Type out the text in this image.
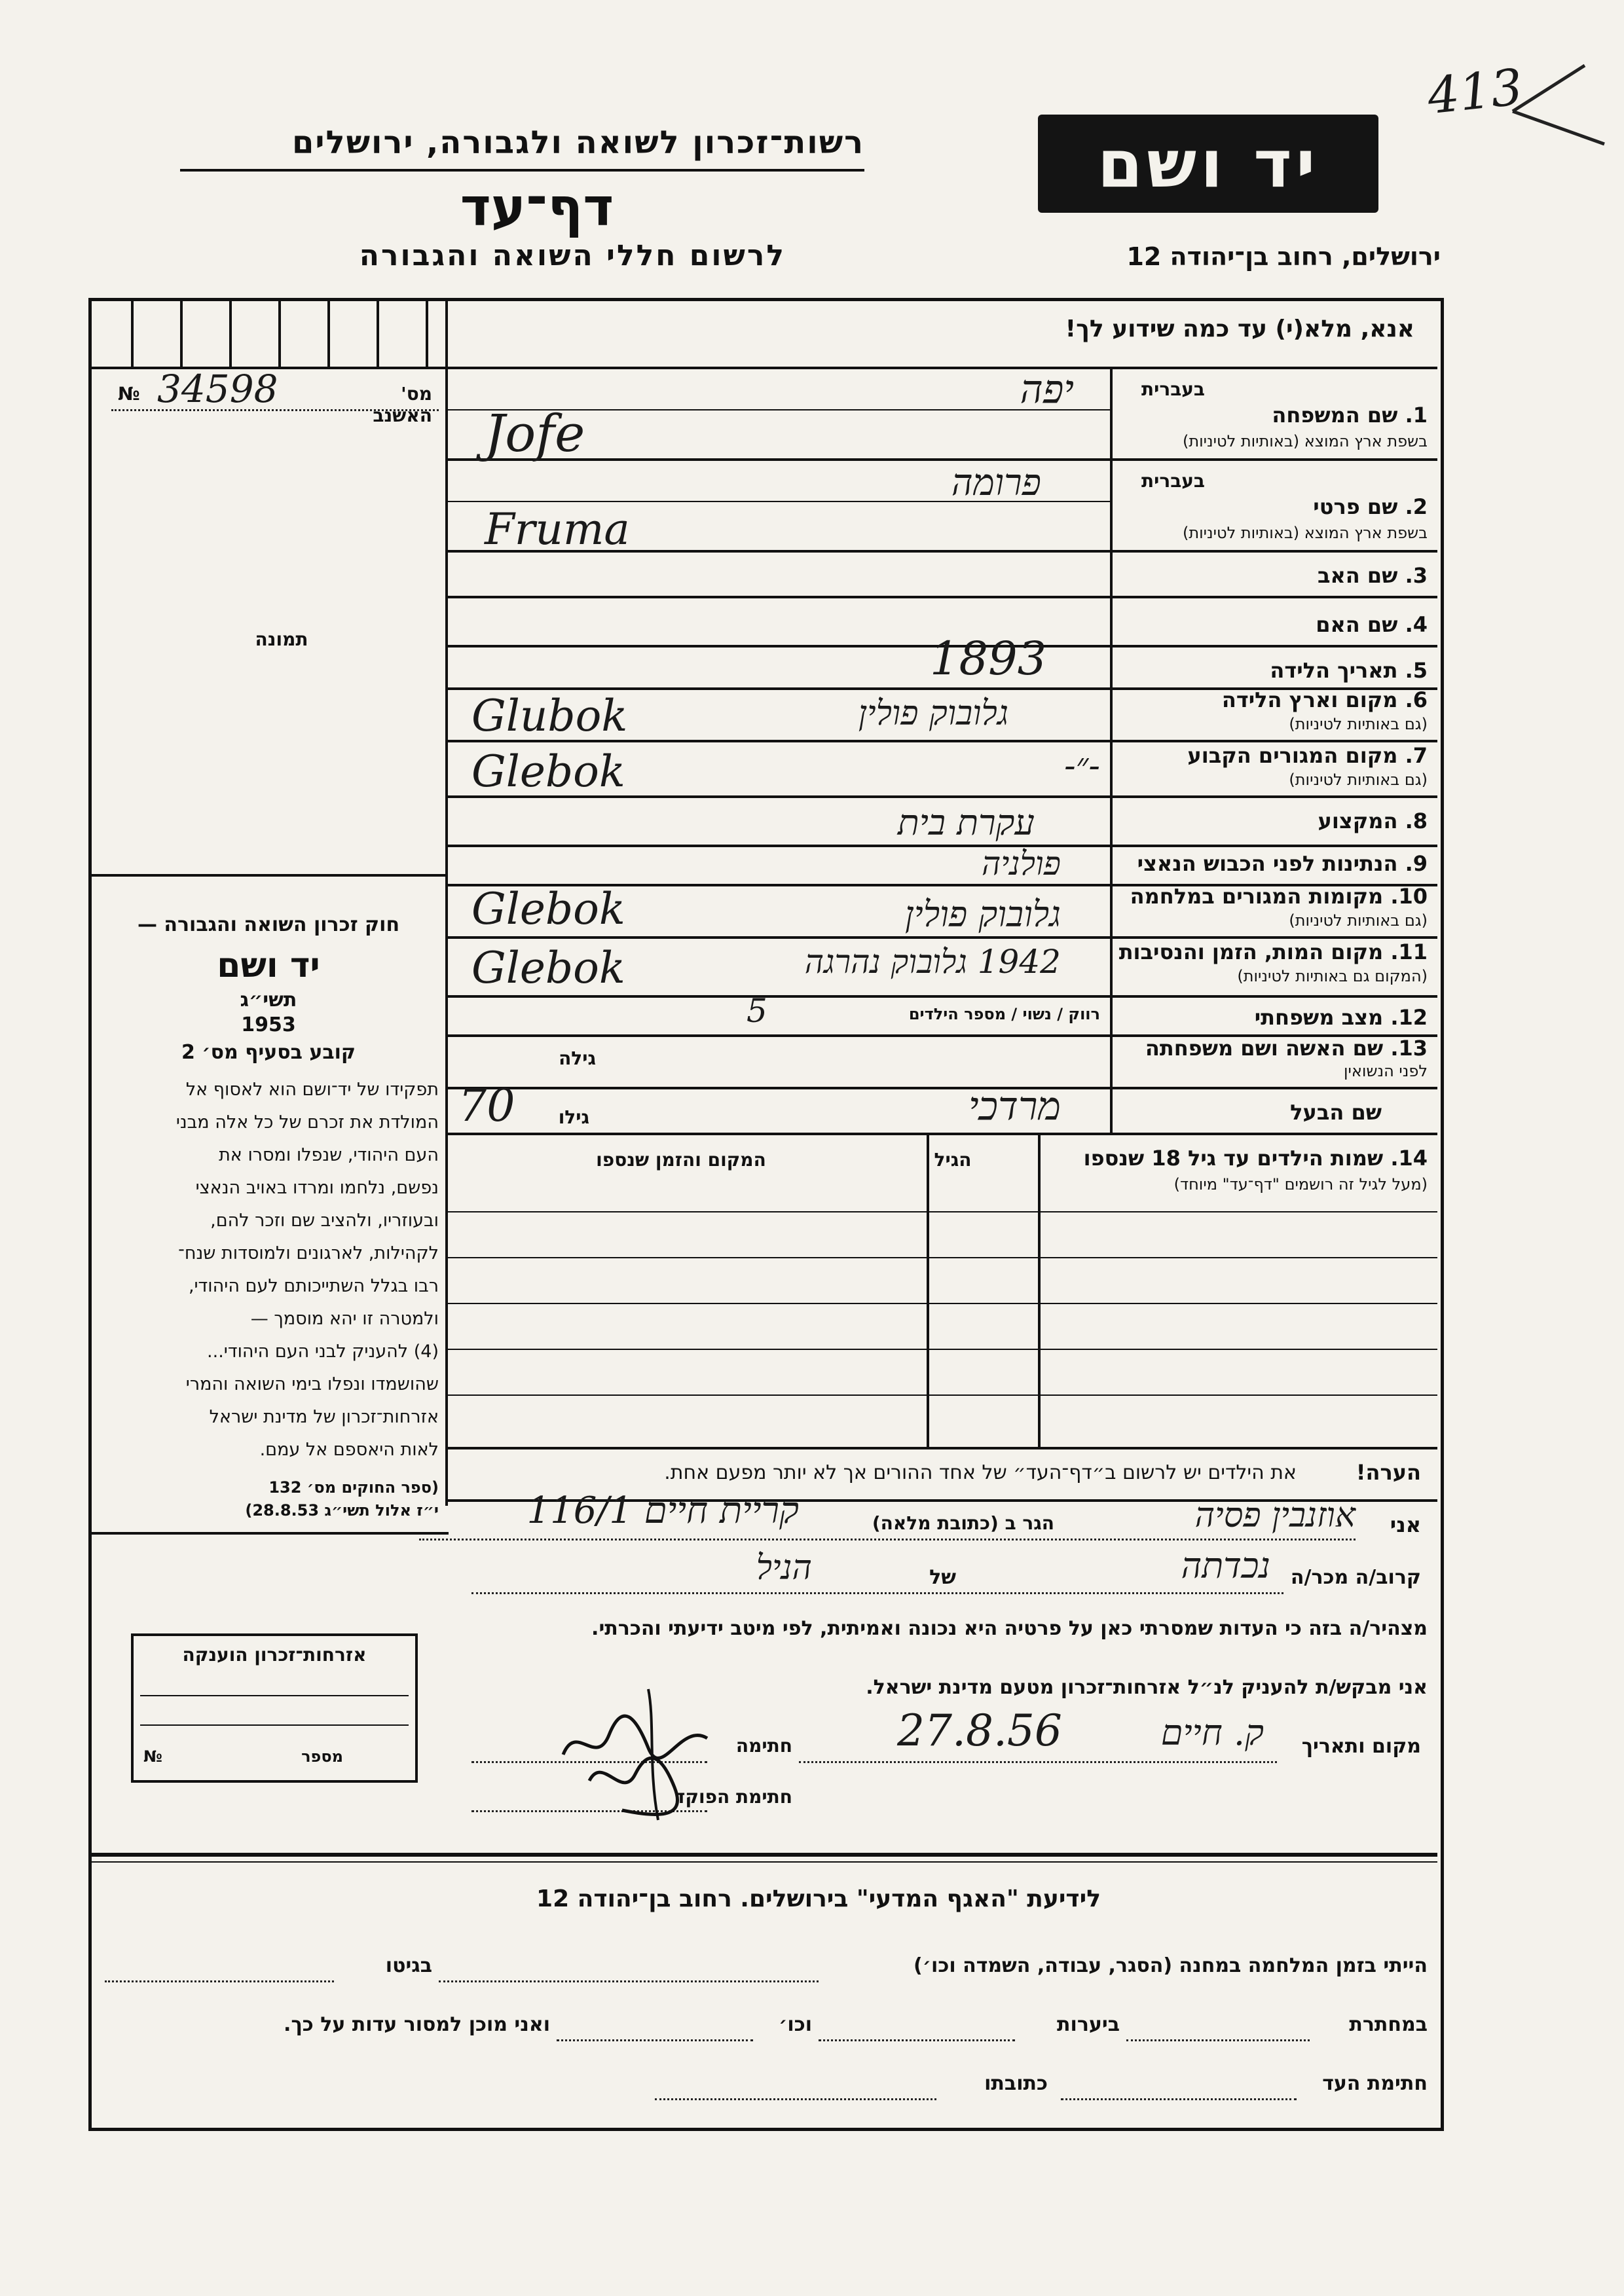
413
רשות־זכרון לשואה ולגבורה, ירושלים
דף־עד
לרשום חללי השואה והגבורה
יד ושם
ירושלים, רחוב בן־יהודה 12
אנא, מלא(י) עד כמה שידוע לך!
מס' האשנב
34598
№
תמונה
בעברית
1. שם המשפחה
בשפת ארץ המוצא (באותיות לטיניות)
בעברית
2. שם פרטי
בשפת ארץ המוצא (באותיות לטיניות)
3. שם האב
4. שם האם
5. תאריך הלידה
6. מקום וארץ הלידה
(גם באותיות לטיניות)
7. מקום המגורים הקבוע
(גם באותיות לטיניות)
8. המקצוע
9. הנתינות לפני הכבוש הנאצי
10. מקומות המגורים במלחמה
(גם באותיות לטיניות)
11. מקום המות, הזמן והנסיבות
(המקום גם באותיות לטיניות)
12. מצב משפחתי
13. שם האשה ושם משפחתה
לפני הנשואין
שם הבעל
יפה
Jofe
פרומה
Fruma
1893
גלובוק פולין
Glubok
-״-
Glebok
עקרת בית
פולניה
גלובוק פולין
Glebok
1942 גלובוק נהרגה
Glebok
רווק / נשוי / מספר הילדים
5
גילה
מרדכי
70	גילו
14. שמות הילדים עד גיל 18 שנספו
(מעל לגיל זה רושמים "דף־עד" מיוחד)
הגיל
המקום והזמן שנספו
חוק זכרון השואה והגבורה —
יד ושם
תשי״ג
1953
קובע בסעיף מס׳ 2
תפקידו של יד־ושם הוא לאסוף אל
המולדת את זכרם של כל אלה מבני
העם היהודי, שנפלו ומסרו את
נפשם, נלחמו ומרדו באויב הנאצי
ובעוזריו, ולהציב שם וזכר להם,
לקהילות, לארגונים ולמוסדות שנח־
רבו בגלל השתייכותם לעם היהודי,
ולמטרה זו יהא מוסמך —
(4) להעניק לבני העם היהודי...
שהושמדו ונפלו בימי השואה והמרי
אזרחות־זכרון של מדינת ישראל
לאות היאספם אל עמם.
(ספר החוקים מס׳ 132
י״ז אלול תשי״ג 28.8.53)
הערה!
את הילדים יש לרשום ב״דף־העד״ של אחד ההורים אך לא יותר מפעם אחת.
אני
אוזנבין פסיה
הגר ב (כתובת מלאה)
קריית חיים 116/1
קרוב/ה מכר/ה
נכדתה
של
הניל
מצהיר/ה בזה כי העדות שמסרתי כאן על פרטיה היא נכונה ואמיתית, לפי מיטב ידיעתי והכרתי.
אזרחות־זכרון הוענקה
מספר
№
אני מבקש/ת להעניק לנ״ל אזרחות־זכרון מטעם מדינת ישראל.
מקום ותאריך
ק. חיים
27.8.56
חתימה
חתימת הפוקד
לידיעת "האגף המדעי" בירושלים. רחוב בן־יהודה 12
הייתי בזמן המלחמה במחנה (הסגר, עבודה, השמדה וכו׳)
בגיטו
במחתרת
ביערות
וכו׳
ואני מוכן למסור עדות על כך.
חתימת העד
כתובתו
